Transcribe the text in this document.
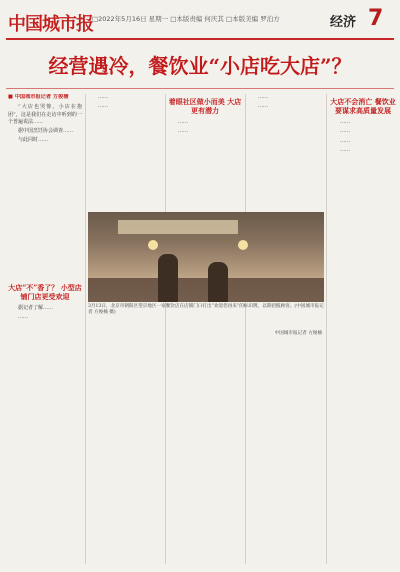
中国城市报 □2022年5月16日 星期一 □本版责编 何庆其 □本版美编 罗泊方	经济 7
经营遇冷，餐饮业“小店吃大店”？
■ 中国城市报记者 方俊楠

“大店也哭惨，小店在抱团”，这是我们在走访中听到的一个普遍说法……

据中国烹饪协会调查……

与此同时……

大店“不”香了？ 小型店铺门店更受欢迎

据记者了解……

……

……

……

着眼社区做小而美 大店更有潜力

……

……

……

……

大店不会消亡 餐饮业要谋求高质量发展

……

……

……

……

3月13日，北京市朝阳区望京地区一家餐饮店在店铺门口打出“欢迎您再来”的标识牌，以期招揽顾客。(中国城市报记者 方俊楠 摄)
中国城市报记者 方俊楠
